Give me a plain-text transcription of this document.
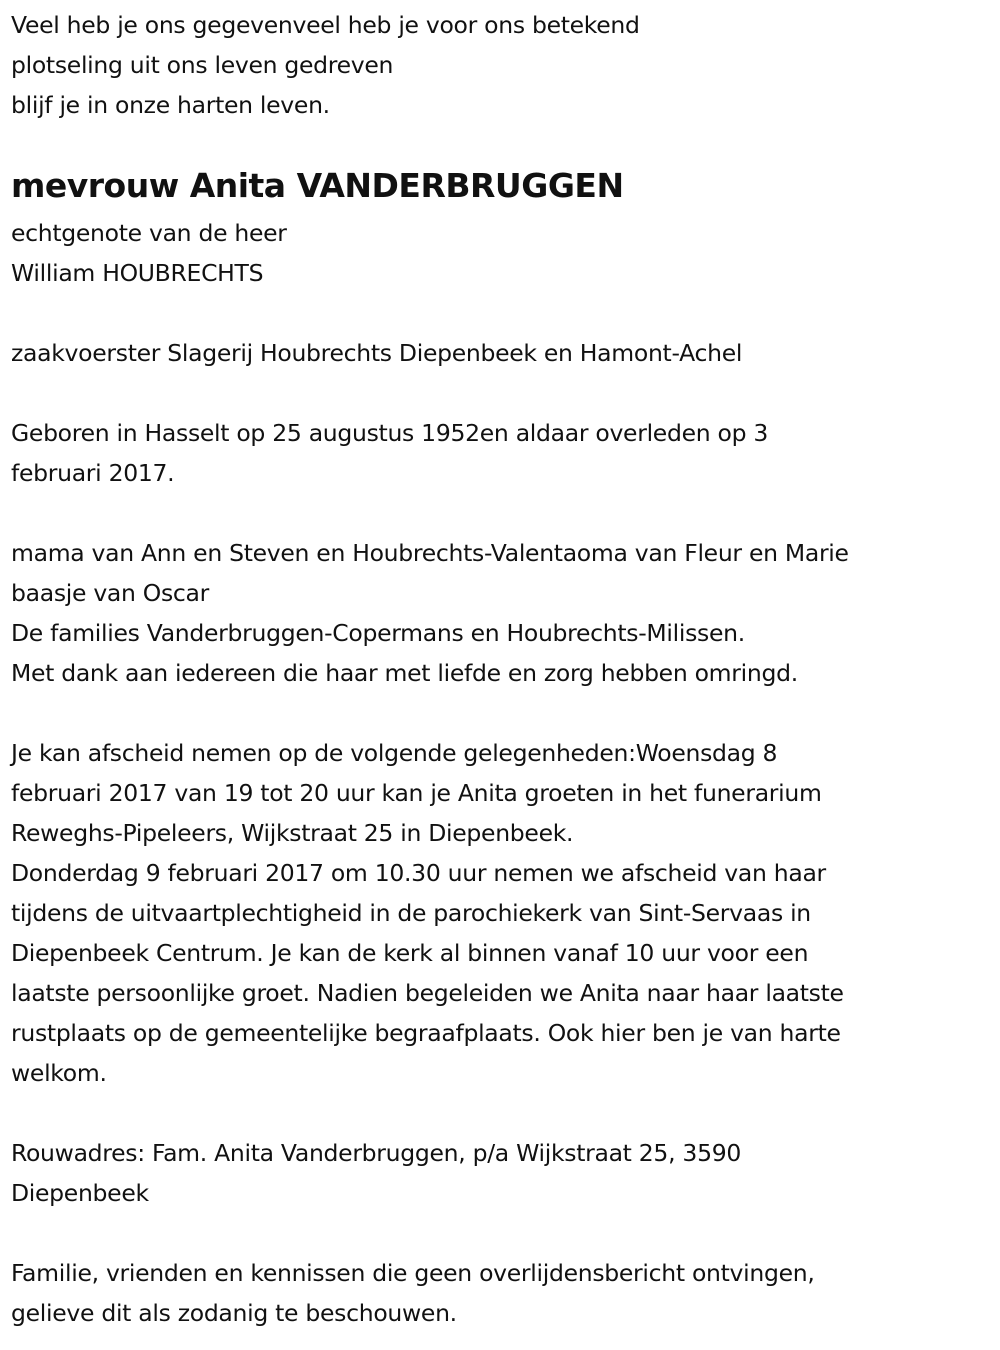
Veel heb je ons gegevenveel heb je voor ons betekend
plotseling uit ons leven gedreven
blijf je in onze harten leven.
mevrouw Anita VANDERBRUGGEN
echtgenote van de heer
William HOUBRECHTS
zaakvoerster Slagerij Houbrechts Diepenbeek en Hamont-Achel
Geboren in Hasselt op 25 augustus 1952en aldaar overleden op 3
februari 2017.
mama van Ann en Steven en Houbrechts-Valentaoma van Fleur en Marie
baasje van Oscar
De families Vanderbruggen-Copermans en Houbrechts-Milissen.
Met dank aan iedereen die haar met liefde en zorg hebben omringd.
Je kan afscheid nemen op de volgende gelegenheden:Woensdag 8
februari 2017 van 19 tot 20 uur kan je Anita groeten in het funerarium
Reweghs-Pipeleers, Wijkstraat 25 in Diepenbeek.
Donderdag 9 februari 2017 om 10.30 uur nemen we afscheid van haar
tijdens de uitvaartplechtigheid in de parochiekerk van Sint-Servaas in
Diepenbeek Centrum. Je kan de kerk al binnen vanaf 10 uur voor een
laatste persoonlijke groet. Nadien begeleiden we Anita naar haar laatste
rustplaats op de gemeentelijke begraafplaats. Ook hier ben je van harte
welkom.
Rouwadres: Fam. Anita Vanderbruggen, p/a Wijkstraat 25, 3590
Diepenbeek
Familie, vrienden en kennissen die geen overlijdensbericht ontvingen,
gelieve dit als zodanig te beschouwen.
